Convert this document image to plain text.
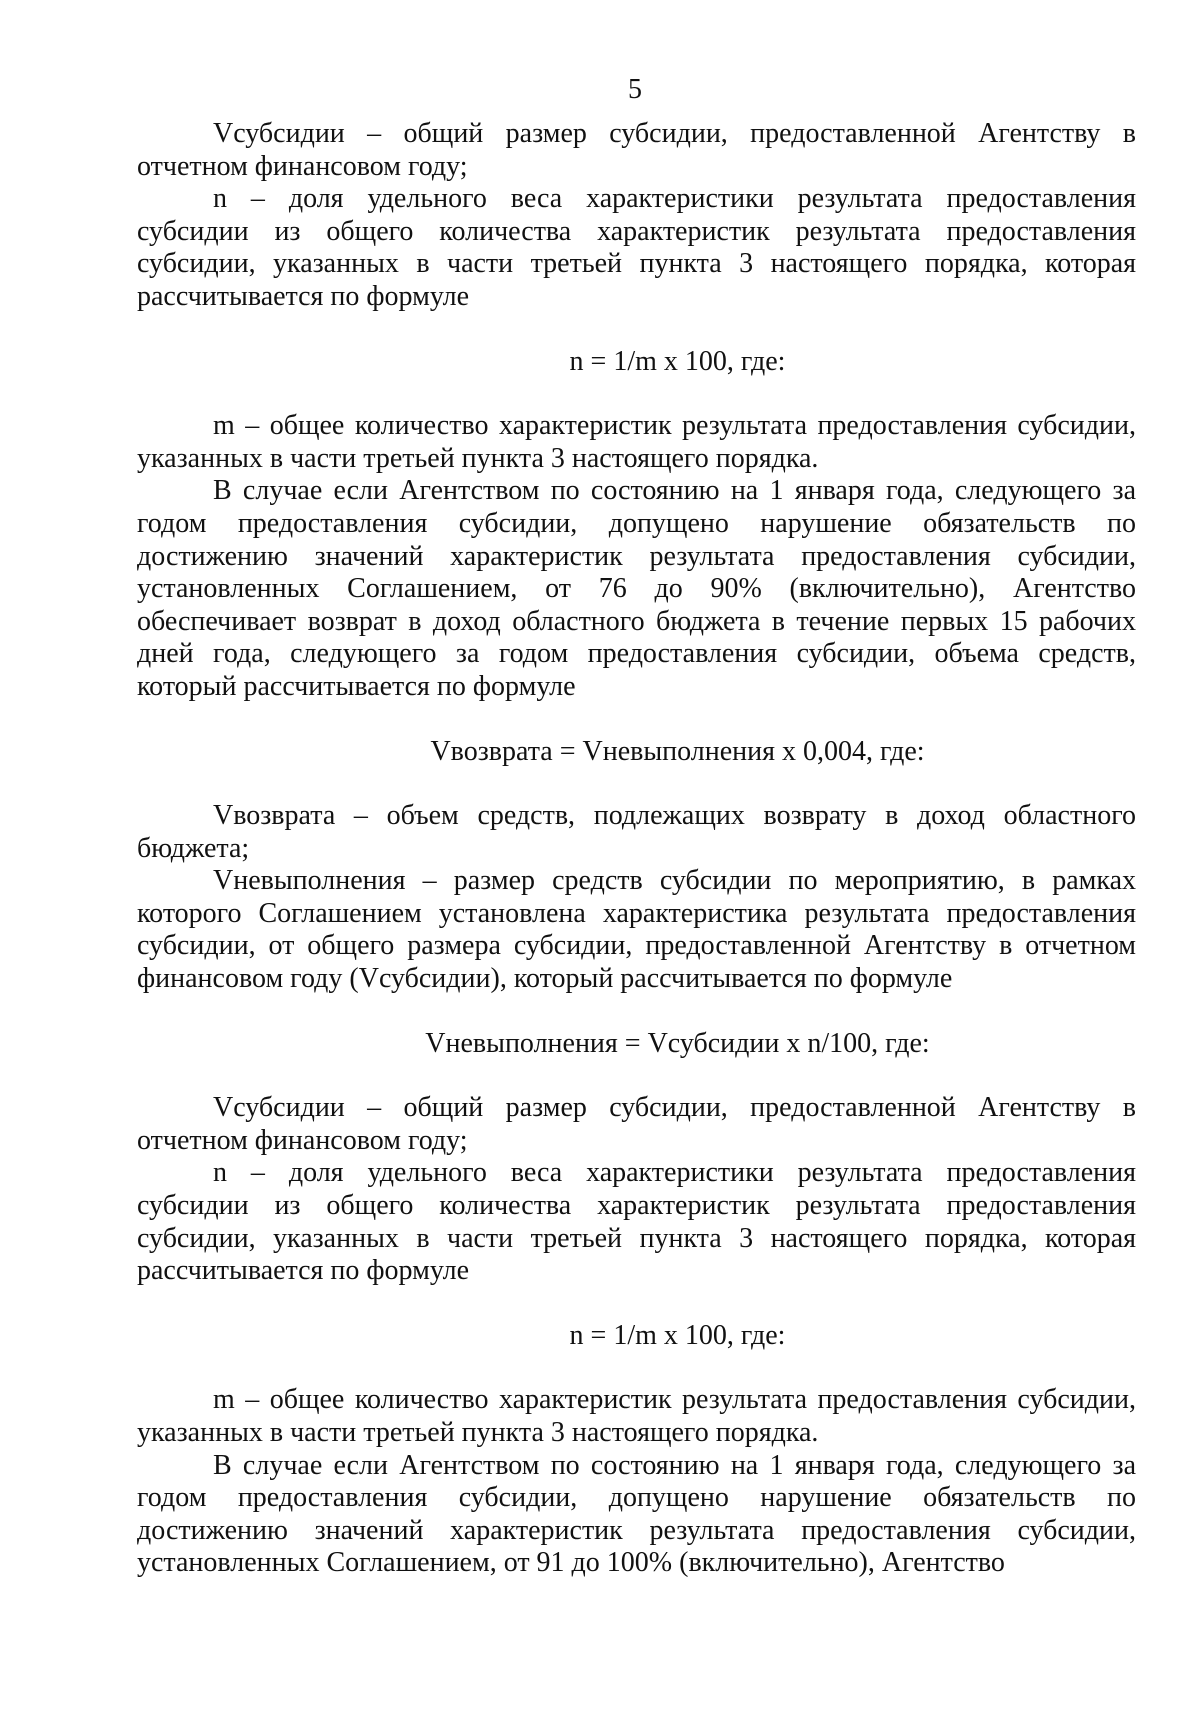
5

Vсубсидии – общий размер субсидии, предоставленной Агентству в отчетном финансовом году;

n – доля удельного веса характеристики результата предоставления субсидии из общего количества характеристик результата предоставления субсидии, указанных в части третьей пункта 3 настоящего порядка, которая рассчитывается по формуле

n = 1/m x 100, где:

m – общее количество характеристик результата предоставления субсидии, указанных в части третьей пункта 3 настоящего порядка.

В случае если Агентством по состоянию на 1 января года, следующего за годом предоставления субсидии, допущено нарушение обязательств по достижению значений характеристик результата предоставления субсидии, установленных Соглашением, от 76 до 90% (включительно), Агентство обеспечивает возврат в доход областного бюджета в течение первых 15 рабочих дней года, следующего за годом предоставления субсидии, объема средств, который рассчитывается по формуле

Vвозврата = Vневыполнения x 0,004, где:

Vвозврата – объем средств, подлежащих возврату в доход областного бюджета;

Vневыполнения – размер средств субсидии по мероприятию, в рамках которого Соглашением установлена характеристика результата предоставления субсидии, от общего размера субсидии, предоставленной Агентству в отчетном финансовом году (Vсубсидии), который рассчитывается по формуле

Vневыполнения = Vсубсидии x n/100, где:

Vсубсидии – общий размер субсидии, предоставленной Агентству в отчетном финансовом году;

n – доля удельного веса характеристики результата предоставления субсидии из общего количества характеристик результата предоставления субсидии, указанных в части третьей пункта 3 настоящего порядка, которая рассчитывается по формуле

n = 1/m x 100, где:

m – общее количество характеристик результата предоставления субсидии, указанных в части третьей пункта 3 настоящего порядка.

В случае если Агентством по состоянию на 1 января года, следующего за годом предоставления субсидии, допущено нарушение обязательств по достижению значений характеристик результата предоставления субсидии, установленных Соглашением, от 91 до 100% (включительно), Агентство
